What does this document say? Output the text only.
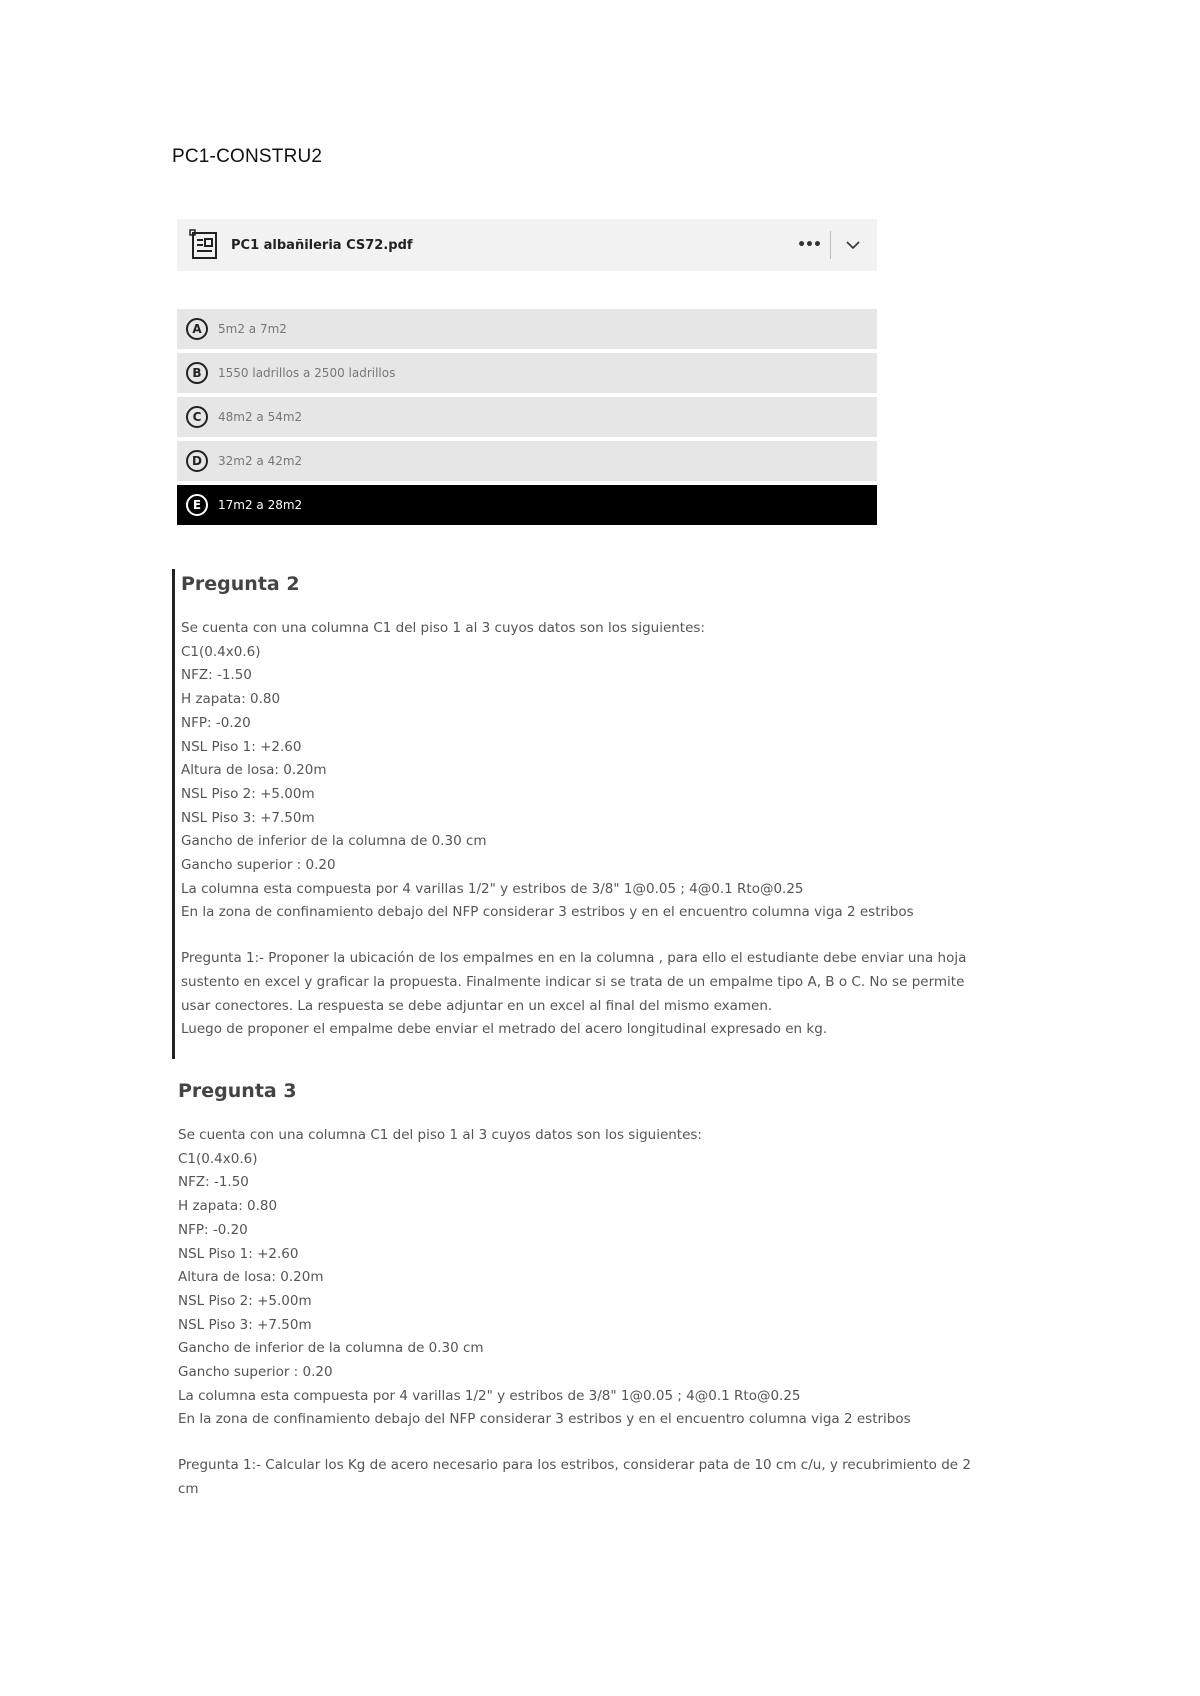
PC1-CONSTRU2
PC1 albañileria CS72.pdf	•••
A	5m2 a 7m2
B	1550 ladrillos a 2500 ladrillos
C	48m2 a 54m2
D	32m2 a 42m2
E	17m2 a 28m2
Pregunta 2
Se cuenta con una columna C1 del piso 1 al 3 cuyos datos son los siguientes:
C1(0.4x0.6)
NFZ: -1.50
H zapata: 0.80
NFP: -0.20
NSL Piso 1: +2.60
Altura de losa: 0.20m
NSL Piso 2: +5.00m
NSL Piso 3: +7.50m
Gancho de inferior de la columna de 0.30 cm
Gancho superior : 0.20
La columna esta compuesta por 4 varillas 1/2" y estribos de 3/8" 1@0.05 ; 4@0.1 Rto@0.25
En la zona de confinamiento debajo del NFP considerar 3 estribos y en el encuentro columna viga 2 estribos
Pregunta 1:- Proponer la ubicación de los empalmes en en la columna , para ello el estudiante debe enviar una hoja
sustento en excel y graficar la propuesta. Finalmente indicar si se trata de un empalme tipo A, B o C. No se permite
usar conectores. La respuesta se debe adjuntar en un excel al final del mismo examen.
Luego de proponer el empalme debe enviar el metrado del acero longitudinal expresado en kg.
Pregunta 3
Se cuenta con una columna C1 del piso 1 al 3 cuyos datos son los siguientes:
C1(0.4x0.6)
NFZ: -1.50
H zapata: 0.80
NFP: -0.20
NSL Piso 1: +2.60
Altura de losa: 0.20m
NSL Piso 2: +5.00m
NSL Piso 3: +7.50m
Gancho de inferior de la columna de 0.30 cm
Gancho superior : 0.20
La columna esta compuesta por 4 varillas 1/2" y estribos de 3/8" 1@0.05 ; 4@0.1 Rto@0.25
En la zona de confinamiento debajo del NFP considerar 3 estribos y en el encuentro columna viga 2 estribos
Pregunta 1:- Calcular los Kg de acero necesario para los estribos, considerar pata de 10 cm c/u, y recubrimiento de 2
cm
